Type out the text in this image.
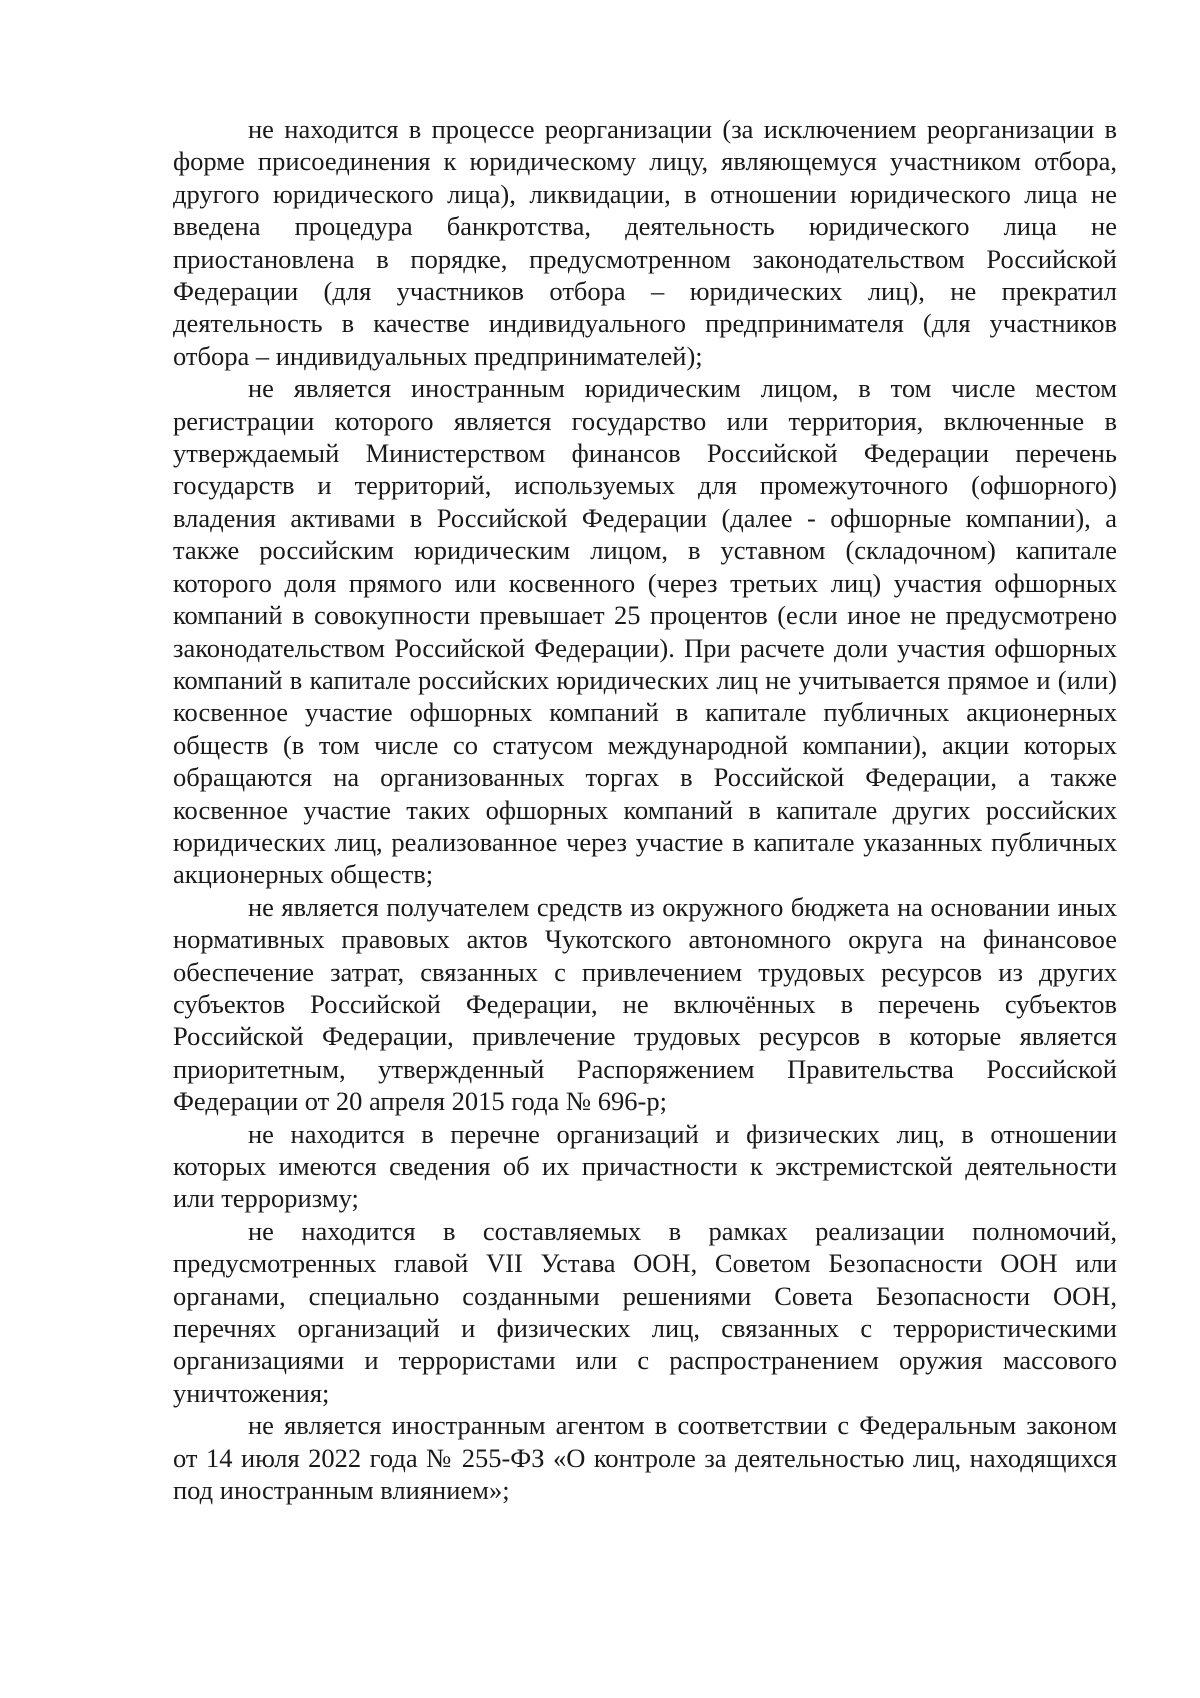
не находится в процессе реорганизации (за исключением реорганизации в форме присоединения к юридическому лицу, являющемуся участником отбора, другого юридического лица), ликвидации, в отношении юридического лица не введена процедура банкротства, деятельность юридического лица не приостановлена в порядке, предусмотренном законодательством Российской Федерации (для участников отбора – юридических лиц), не прекратил деятельность в качестве индивидуального предпринимателя (для участников отбора – индивидуальных предпринимателей);

не является иностранным юридическим лицом, в том числе местом регистрации которого является государство или территория, включенные в утверждаемый Министерством финансов Российской Федерации перечень государств и территорий, используемых для промежуточного (офшорного) владения активами в Российской Федерации (далее - офшорные компании), а также российским юридическим лицом, в уставном (складочном) капитале которого доля прямого или косвенного (через третьих лиц) участия офшорных компаний в совокупности превышает 25 процентов (если иное не предусмотрено законодательством Российской Федерации). При расчете доли участия офшорных компаний в капитале российских юридических лиц не учитывается прямое и (или) косвенное участие офшорных компаний в капитале публичных акционерных обществ (в том числе со статусом международной компании), акции которых обращаются на организованных торгах в Российской Федерации, а также косвенное участие таких офшорных компаний в капитале других российских юридических лиц, реализованное через участие в капитале указанных публичных акционерных обществ;

не является получателем средств из окружного бюджета на основании иных нормативных правовых актов Чукотского автономного округа на финансовое обеспечение затрат, связанных с привлечением трудовых ресурсов из других субъектов Российской Федерации, не включённых в перечень субъектов Российской Федерации, привлечение трудовых ресурсов в которые является приоритетным, утвержденный Распоряжением Правительства Российской Федерации от 20 апреля 2015 года № 696-р;

не находится в перечне организаций и физических лиц, в отношении которых имеются сведения об их причастности к экстремистской деятельности или терроризму;

не находится в составляемых в рамках реализации полномочий, предусмотренных главой VII Устава ООН, Советом Безопасности ООН или органами, специально созданными решениями Совета Безопасности ООН, перечнях организаций и физических лиц, связанных с террористическими организациями и террористами или с распространением оружия массового уничтожения;

не является иностранным агентом в соответствии с Федеральным законом от 14 июля 2022 года № 255-ФЗ «О контроле за деятельностью лиц, находящихся под иностранным влиянием»;
